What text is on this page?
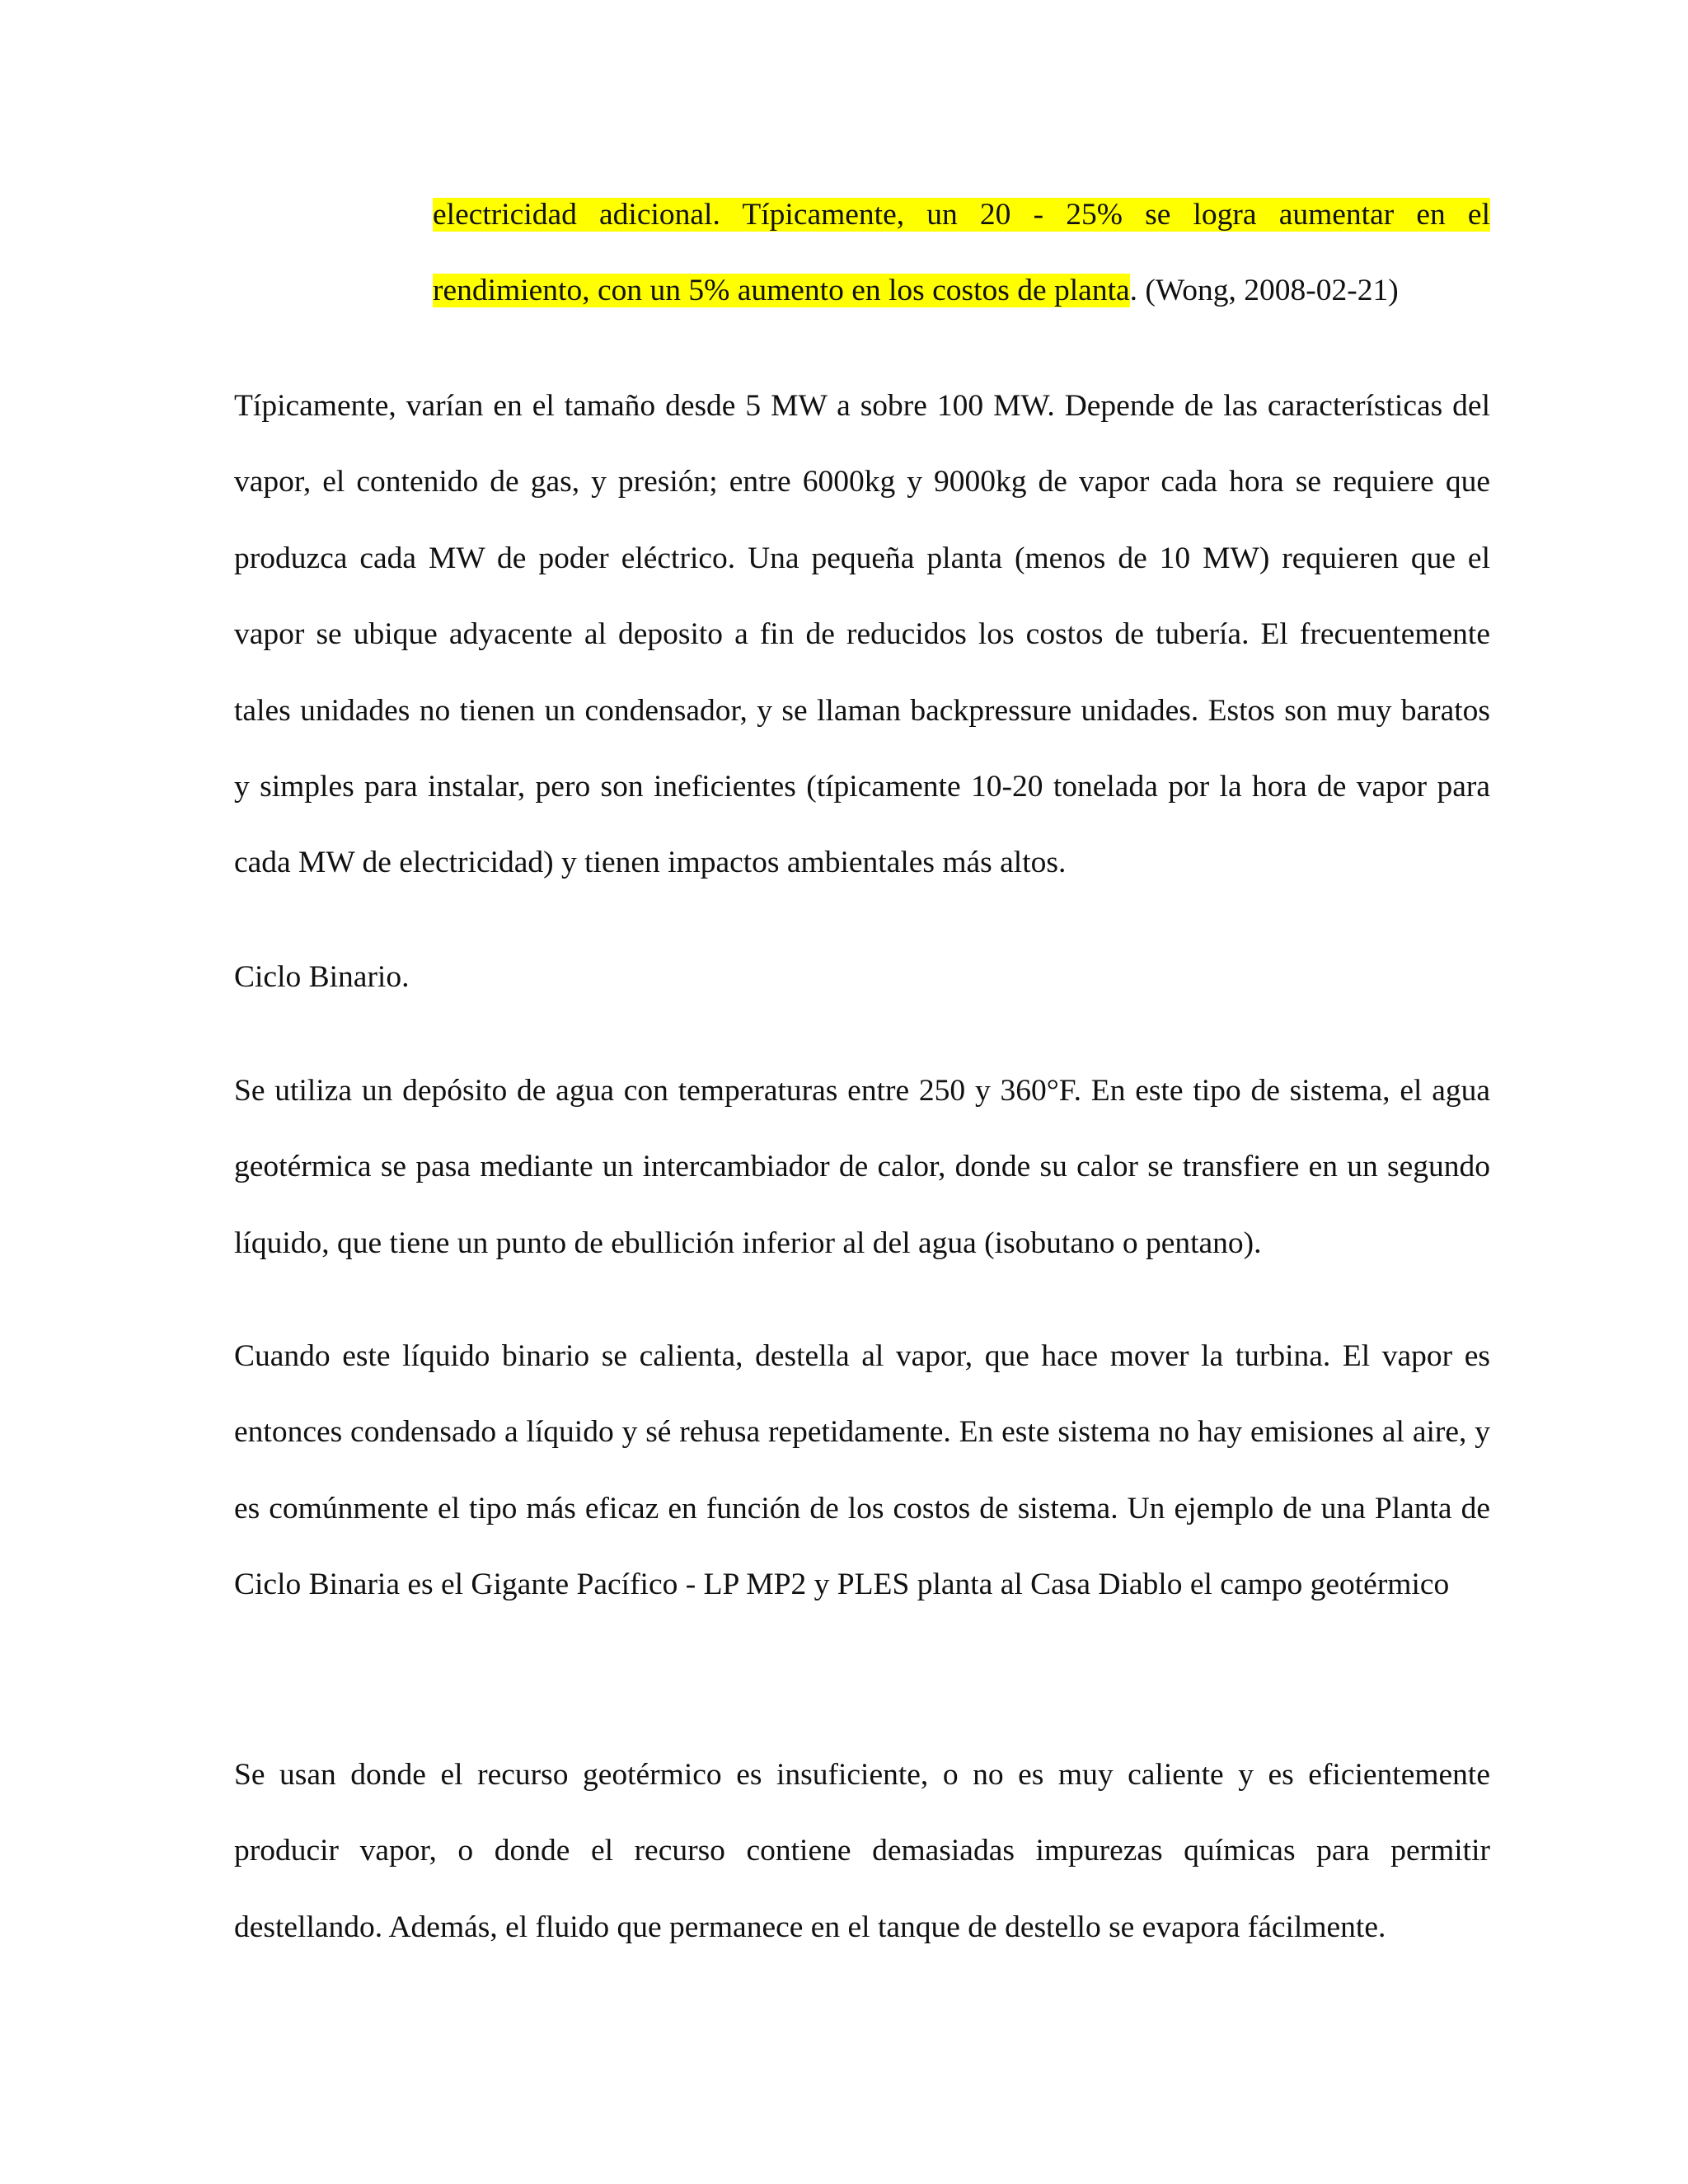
electricidad adicional. Típicamente, un 20 - 25% se logra aumentar en el rendimiento, con un 5% aumento en los costos de planta. (Wong, 2008-02-21)

Típicamente, varían en el tamaño desde 5 MW a sobre 100 MW. Depende de las características del vapor, el contenido de gas, y presión; entre 6000kg y 9000kg de vapor cada hora se requiere que produzca cada MW de poder eléctrico. Una pequeña planta (menos de 10 MW) requieren que el vapor se ubique adyacente al deposito a fin de reducidos los costos de tubería. El frecuentemente tales unidades no tienen un condensador, y se llaman backpressure unidades. Estos son muy baratos y simples para instalar, pero son ineficientes (típicamente 10-20 tonelada por la hora de vapor para cada MW de electricidad) y tienen impactos ambientales más altos.

Ciclo Binario.

Se utiliza un depósito de agua con temperaturas entre 250 y 360°F. En este tipo de sistema, el agua geotérmica se pasa mediante un intercambiador de calor, donde su calor se transfiere en un segundo líquido, que tiene un punto de ebullición inferior al del agua (isobutano o pentano).

Cuando este líquido binario se calienta, destella al vapor, que hace mover la turbina. El vapor es entonces condensado a líquido y sé rehusa repetidamente. En este sistema no hay emisiones al aire, y es comúnmente el tipo más eficaz en función de los costos de sistema. Un ejemplo de una Planta de Ciclo Binaria es el Gigante Pacífico - LP MP2 y PLES planta al Casa Diablo el campo geotérmico

Se usan donde el recurso geotérmico es insuficiente, o no es muy caliente y es eficientemente producir vapor, o donde el recurso contiene demasiadas impurezas químicas para permitir destellando. Además, el fluido que permanece en el tanque de destello se evapora fácilmente.
